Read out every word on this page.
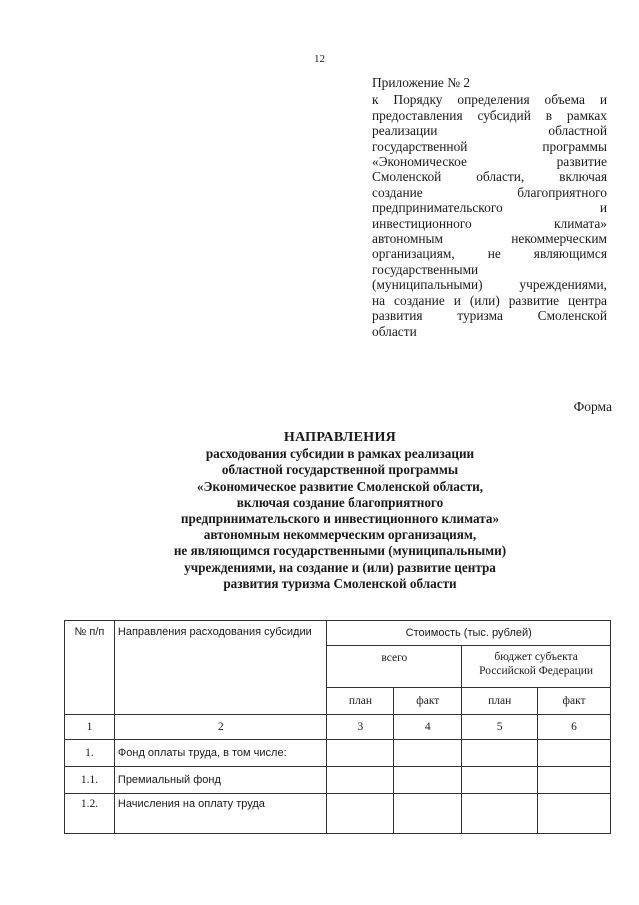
12
Приложение № 2
к Порядку определения объема и
предоставления субсидий в рамках
реализации областной
государственной программы
«Экономическое развитие
Смоленской области, включая
создание благоприятного
предпринимательского и
инвестиционного климата»
автономным некоммерческим
организациям, не являющимся
государственными
(муниципальными) учреждениями,
на создание и (или) развитие центра
развития туризма Смоленской
области
Форма
НАПРАВЛЕНИЯ
расходования субсидии в рамках реализации
областной государственной программы
«Экономическое развитие Смоленской области,
включая создание благоприятного
предпринимательского и инвестиционного климата»
автономным некоммерческим организациям,
не являющимся государственными (муниципальными)
учреждениями, на создание и (или) развитие центра
развития туризма Смоленской области
№ п/п	Направления расходования субсидии	Стоимость (тыс. рублей)			
		всего		бюджет субъекта Российской Федерации	
		план	факт	план	факт
1	2	3	4	5	6
1.	Фонд оплаты труда, в том числе:				
1.1.	Премиальный фонд				
1.2.	Начисления на оплату труда				
